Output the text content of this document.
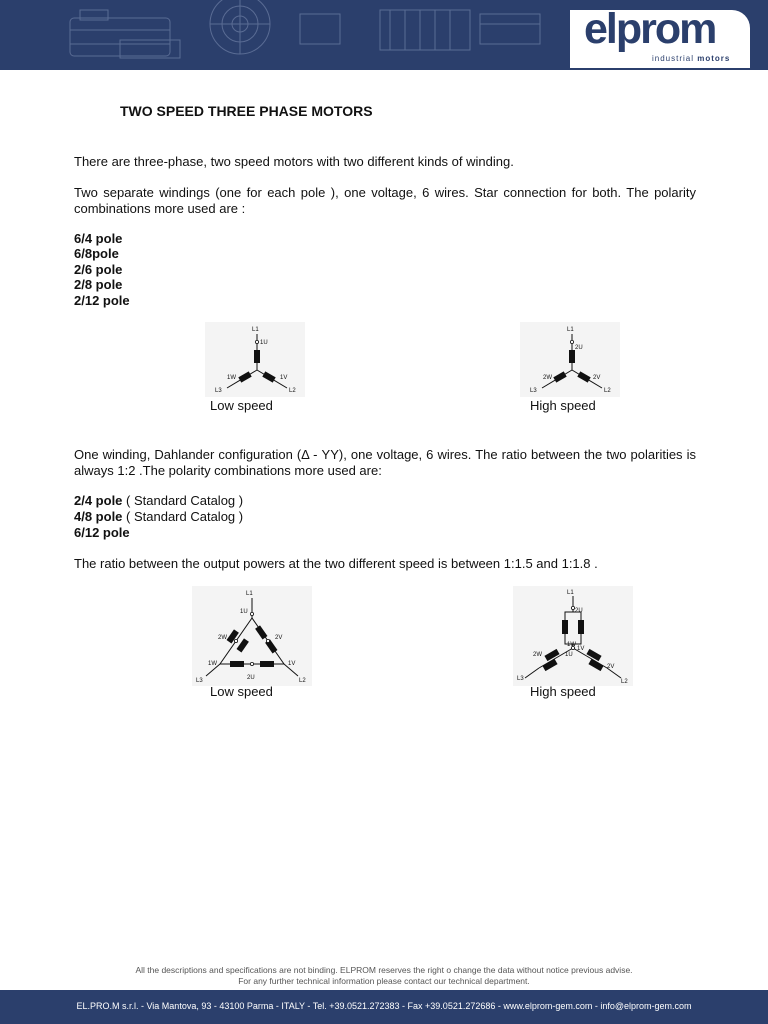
elprom
industrial motors
TWO SPEED THREE PHASE MOTORS

There are three-phase, two speed motors with two different kinds of winding.

Two separate windings (one for each pole ), one voltage, 6 wires. Star connection for both. The polarity combinations more used are :

6/4 pole
6/8pole
2/6 pole
2/8 pole
2/12 pole
L1
1U
1V
1W
L2
L3
Low speed
L1
2U
2V
2W
L2
L3
High speed

One winding, Dahlander configuration (Δ - YY), one voltage, 6 wires. The ratio between the two polarities is always 1:2 .The polarity combinations more used are:

2/4 pole ( Standard Catalog )
4/8 pole ( Standard Catalog )
6/12 pole

The ratio between the output powers at the two different speed is between 1:1.5 and 1:1.8 .

L1
1U
2W	2V
1W	1V
2U
L3	L2
Low speed
L1
2U
1W
1V
1U
2W
2V
L3	L2
High speed
All the descriptions and specifications are not binding. ELPROM reserves the right o change the data without notice previous advise.
For any further technical information please contact our technical department.
EL.PRO.M s.r.l. - Via Mantova, 93 - 43100 Parma - ITALY - Tel. +39.0521.272383 - Fax +39.0521.272686 - www.elprom-gem.com - info@elprom-gem.com
